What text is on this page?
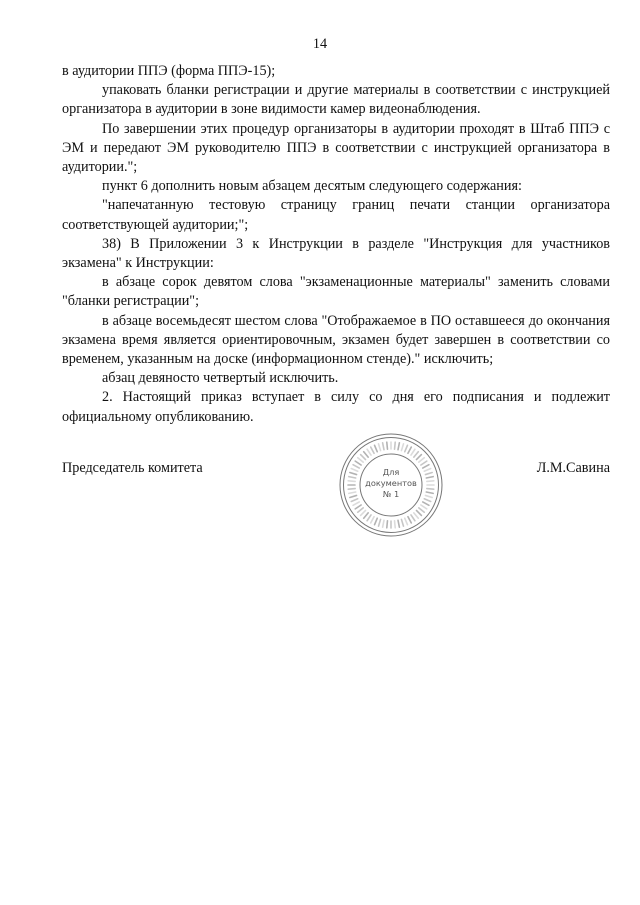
14

в аудитории ППЭ (форма ППЭ-15);

упаковать бланки регистрации и другие материалы в соответствии с инструкцией организатора в аудитории в зоне видимости камер видеонаблюдения.

По завершении этих процедур организаторы в аудитории проходят в Штаб ППЭ с ЭМ и передают ЭМ руководителю ППЭ в соответствии с инструкцией организатора в аудитории.";

пункт 6 дополнить новым абзацем десятым следующего содержания:

"напечатанную тестовую страницу границ печати станции организатора соответствующей аудитории;";

38) В Приложении 3 к Инструкции в разделе "Инструкция для участников экзамена" к Инструкции:

в абзаце сорок девятом слова "экзаменационные материалы" заменить словами "бланки регистрации";

в абзаце восемьдесят шестом слова "Отображаемое в ПО оставшееся до окончания экзамена время является ориентировочным, экзамен будет завершен в соответствии со временем, указанным на доске (информационном стенде)." исключить;

абзац девяносто четвертый исключить.

2. Настоящий приказ вступает в силу со дня его подписания и подлежит официальному опубликованию.

Председатель комитета	Л.М.Савина
Для
документов
№ 1
